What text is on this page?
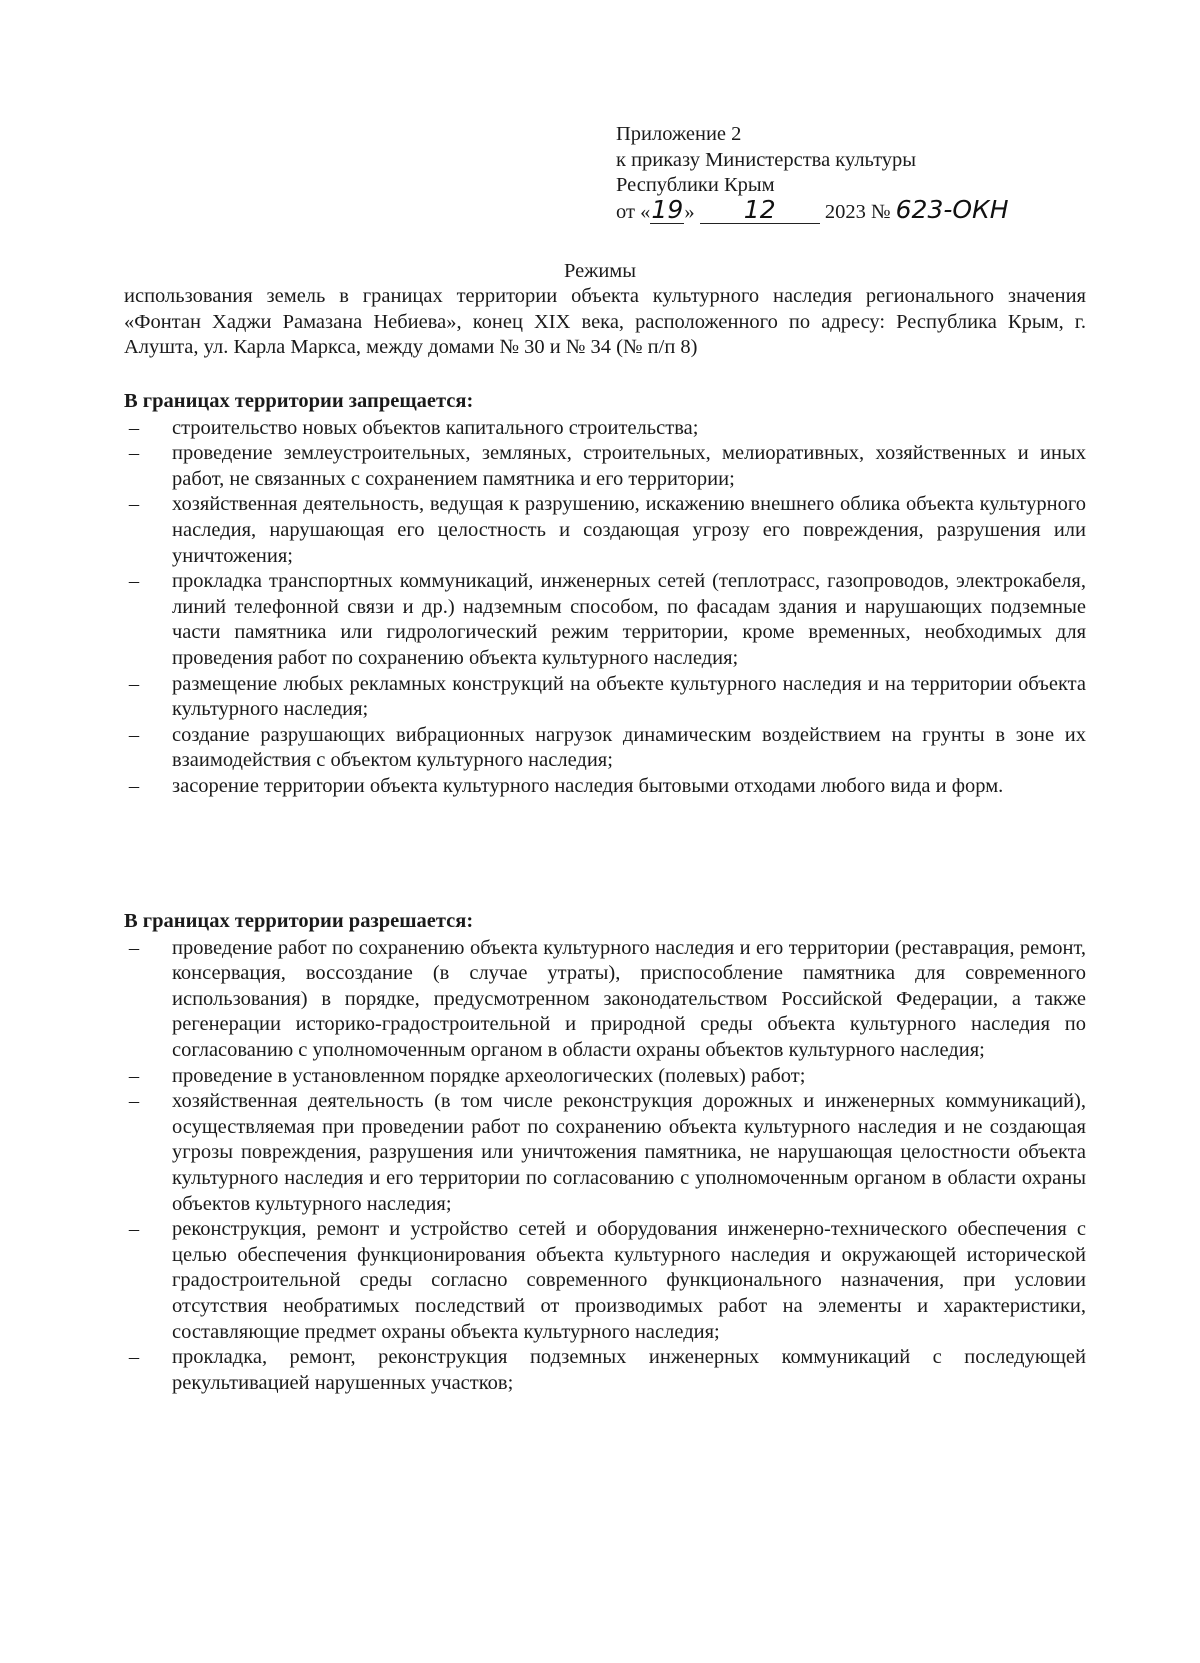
Приложение 2
к приказу Министерства культуры
Республики Крым
от «19» 12 2023 № 623-ОКН
Режимы
использования земель в границах территории объекта культурного наследия регионального значения «Фонтан Хаджи Рамазана Небиева», конец XIX века, расположенного по адресу: Республика Крым, г. Алушта, ул. Карла Маркса, между домами № 30 и № 34 (№ п/п 8)

В границах территории запрещается:

– строительство новых объектов капитального строительства;
– проведение землеустроительных, земляных, строительных, мелиоративных, хозяйственных и иных работ, не связанных с сохранением памятника и его территории;
– хозяйственная деятельность, ведущая к разрушению, искажению внешнего облика объекта культурного наследия, нарушающая его целостность и создающая угрозу его повреждения, разрушения или уничтожения;
– прокладка транспортных коммуникаций, инженерных сетей (теплотрасс, газопроводов, электрокабеля, линий телефонной связи и др.) надземным способом, по фасадам здания и нарушающих подземные части памятника или гидрологический режим территории, кроме временных, необходимых для проведения работ по сохранению объекта культурного наследия;
– размещение любых рекламных конструкций на объекте культурного наследия и на территории объекта культурного наследия;
– создание разрушающих вибрационных нагрузок динамическим воздействием на грунты в зоне их взаимодействия с объектом культурного наследия;
– засорение территории объекта культурного наследия бытовыми отходами любого вида и форм.

В границах территории разрешается:

– проведение работ по сохранению объекта культурного наследия и его территории (реставрация, ремонт, консервация, воссоздание (в случае утраты), приспособление памятника для современного использования) в порядке, предусмотренном законодательством Российской Федерации, а также регенерации историко-градостроительной и природной среды объекта культурного наследия по согласованию с уполномоченным органом в области охраны объектов культурного наследия;
– проведение в установленном порядке археологических (полевых) работ;
– хозяйственная деятельность (в том числе реконструкция дорожных и инженерных коммуникаций), осуществляемая при проведении работ по сохранению объекта культурного наследия и не создающая угрозы повреждения, разрушения или уничтожения памятника, не нарушающая целостности объекта культурного наследия и его территории по согласованию с уполномоченным органом в области охраны объектов культурного наследия;
– реконструкция, ремонт и устройство сетей и оборудования инженерно-технического обеспечения с целью обеспечения функционирования объекта культурного наследия и окружающей исторической градостроительной среды согласно современного функционального назначения, при условии отсутствия необратимых последствий от производимых работ на элементы и характеристики, составляющие предмет охраны объекта культурного наследия;
– прокладка, ремонт, реконструкция подземных инженерных коммуникаций с последующей рекультивацией нарушенных участков;
